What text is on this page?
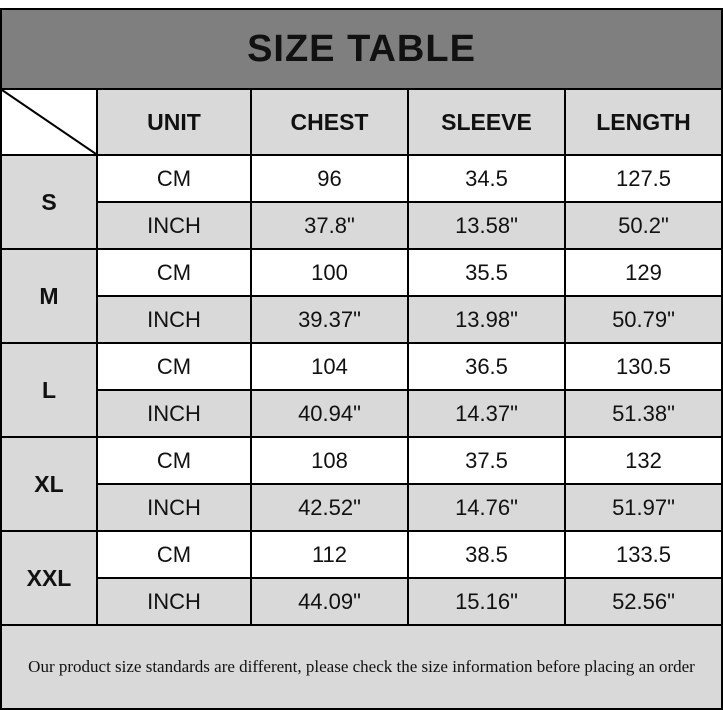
SIZE TABLE				

	UNIT	CHEST	SLEEVE	LENGTH
S	CM	96	34.5	127.5
	INCH	37.8"	13.58"	50.2"
M	CM	100	35.5	129
	INCH	39.37"	13.98"	50.79"
L	CM	104	36.5	130.5
	INCH	40.94"	14.37"	51.38"
XL	CM	108	37.5	132
	INCH	42.52"	14.76"	51.97"
XXL	CM	112	38.5	133.5
	INCH	44.09"	15.16"	52.56"
Our product size standards are different, please check the size information before placing an order				
